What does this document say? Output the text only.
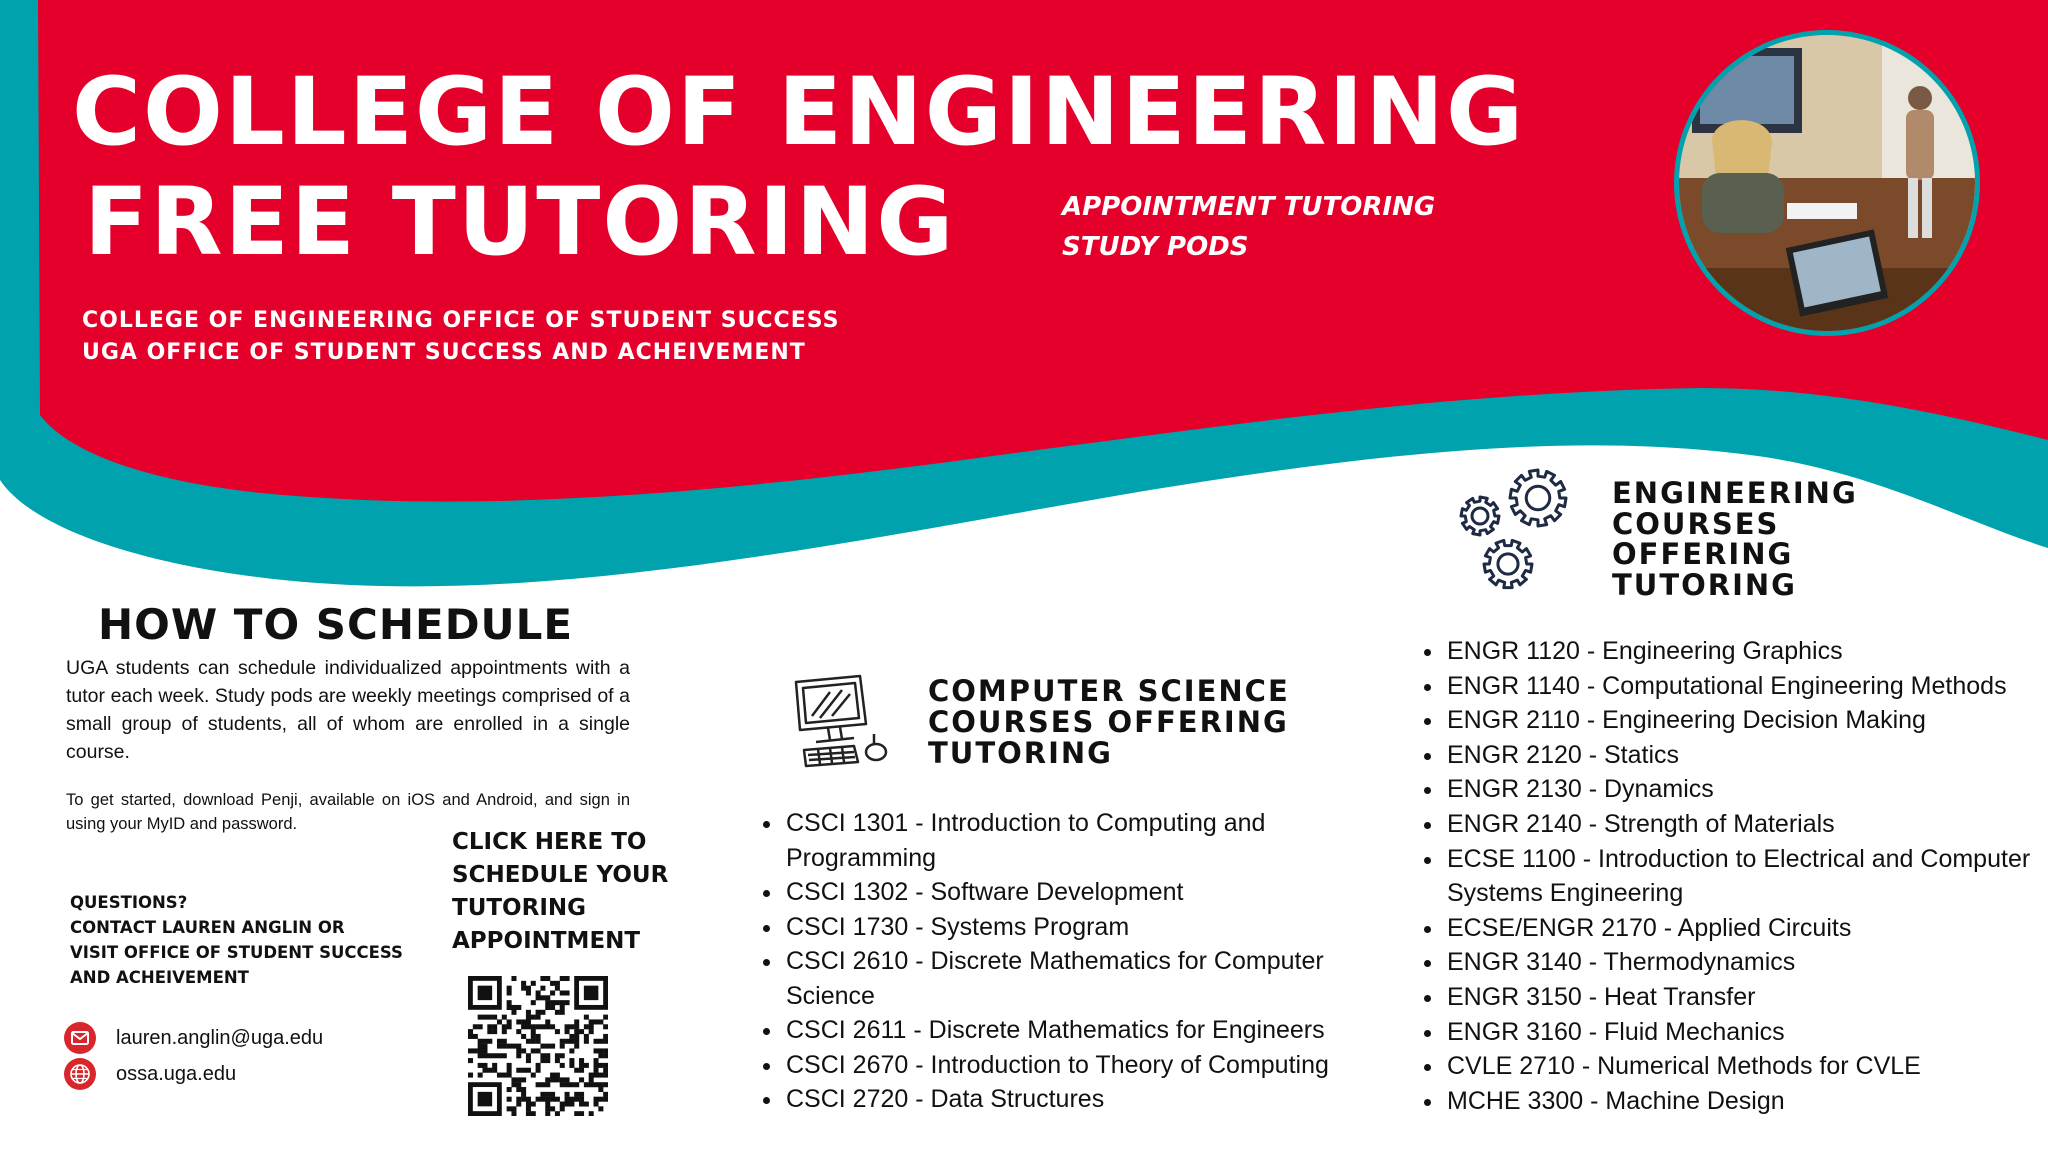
COLLEGE OF ENGINEERING
FREE TUTORING	APPOINTMENT TUTORING
STUDY PODS
COLLEGE OF ENGINEERING OFFICE OF STUDENT SUCCESS
UGA OFFICE OF STUDENT SUCCESS AND ACHEIVEMENT
HOW TO SCHEDULE
UGA students can schedule individualized appointments with a tutor each week. Study pods are weekly meetings comprised of a small group of students, all of whom are enrolled in a single course.
To get started, download Penji, available on iOS and Android, and sign in using your MyID and password.
QUESTIONS?
CONTACT LAUREN ANGLIN OR
VISIT OFFICE OF STUDENT SUCCESS
AND ACHEIVEMENT
lauren.anglin@uga.edu
ossa.uga.edu
CLICK HERE TO
SCHEDULE YOUR
TUTORING
APPOINTMENT
COMPUTER SCIENCE
COURSES OFFERING
TUTORING
• CSCI 1301 - Introduction to Computing and Programming
• CSCI 1302 - Software Development
• CSCI 1730 - Systems Program
• CSCI 2610 - Discrete Mathematics for Computer Science
• CSCI 2611 - Discrete Mathematics for Engineers
• CSCI 2670 - Introduction to Theory of Computing
• CSCI 2720 - Data Structures
ENGINEERING
COURSES
OFFERING
TUTORING
• ENGR 1120 - Engineering Graphics
• ENGR 1140 - Computational Engineering Methods
• ENGR 2110 - Engineering Decision Making
• ENGR 2120 - Statics
• ENGR 2130 - Dynamics
• ENGR 2140 - Strength of Materials
• ECSE 1100 - Introduction to Electrical and Computer Systems Engineering
• ECSE/ENGR 2170 - Applied Circuits
• ENGR 3140 - Thermodynamics
• ENGR 3150 - Heat Transfer
• ENGR 3160 - Fluid Mechanics
• CVLE 2710 - Numerical Methods for CVLE
• MCHE 3300 - Machine Design
